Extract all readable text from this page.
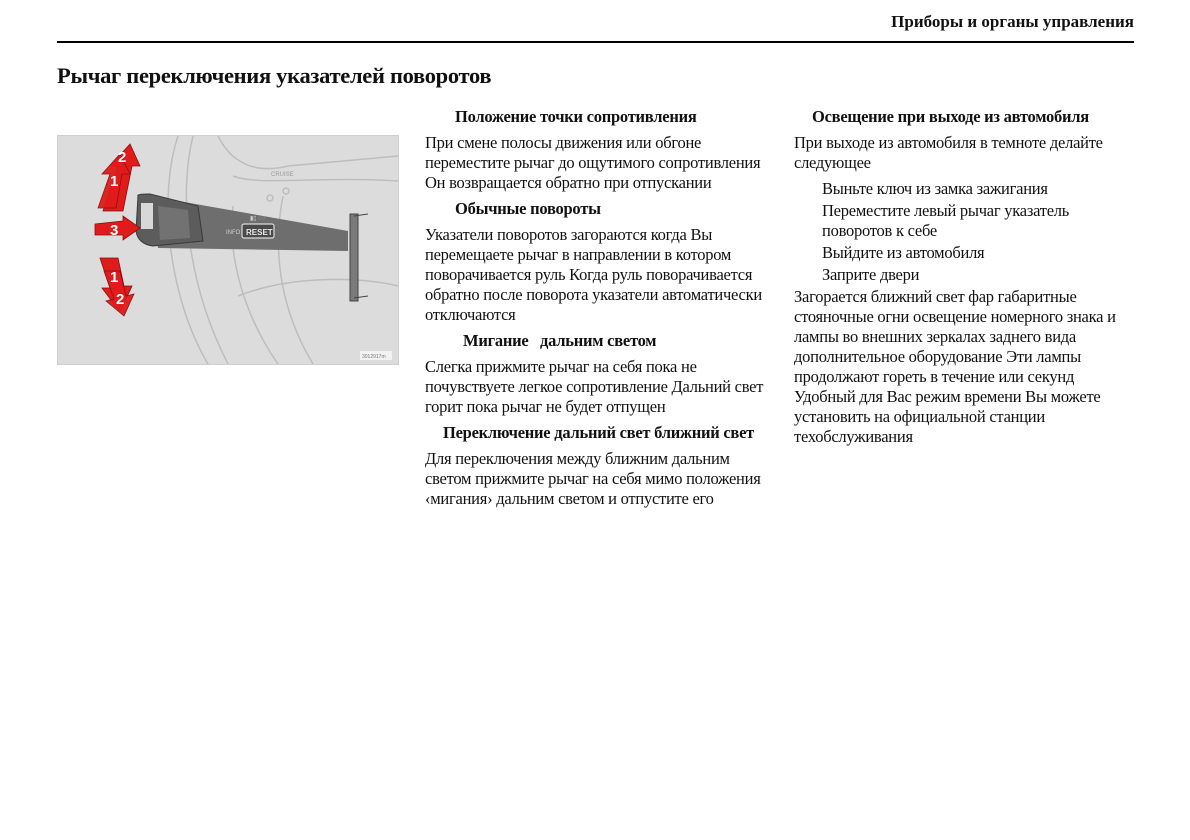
Приборы и органы управления
Рычаг переключения указателей поворотов
CRUISE
RESET
INFO
▮▯ ◌◌
2
1
3
1
2
3012917m
Положение точки сопротивления
При смене полосы движения или обгоне переместите рычаг до ощутимого сопротивления Он возвращается обратно при отпускании
Обычные повороты
Указатели поворотов загораются когда Вы перемещаете рычаг в направлении в котором поворачивается руль Когда руль поворачивается обратно после поворота указатели автоматически отключаются
Мигание   дальним светом
Слегка прижмите рычаг на себя пока не почувствуете легкое сопротивление Дальний свет горит пока рычаг не будет отпущен
Переключение дальний свет ближний свет
Для переключения между ближним дальним светом прижмите рычаг на себя мимо положения ‹мигания› дальним светом и отпустите его
Освещение при выходе из автомобиля
При выходе из автомобиля в темноте делайте следующее
Выньте ключ из замка зажигания
Переместите левый рычаг указатель поворотов к себе
Выйдите из автомобиля
Заприте двери
Загорается ближний свет фар габаритные стояночные огни освещение номерного знака и лампы во внешних зеркалах заднего вида дополнительное оборудование Эти лампы продолжают гореть в течение или секунд Удобный для Вас режим времени Вы можете установить на официальной станции техобслуживания
